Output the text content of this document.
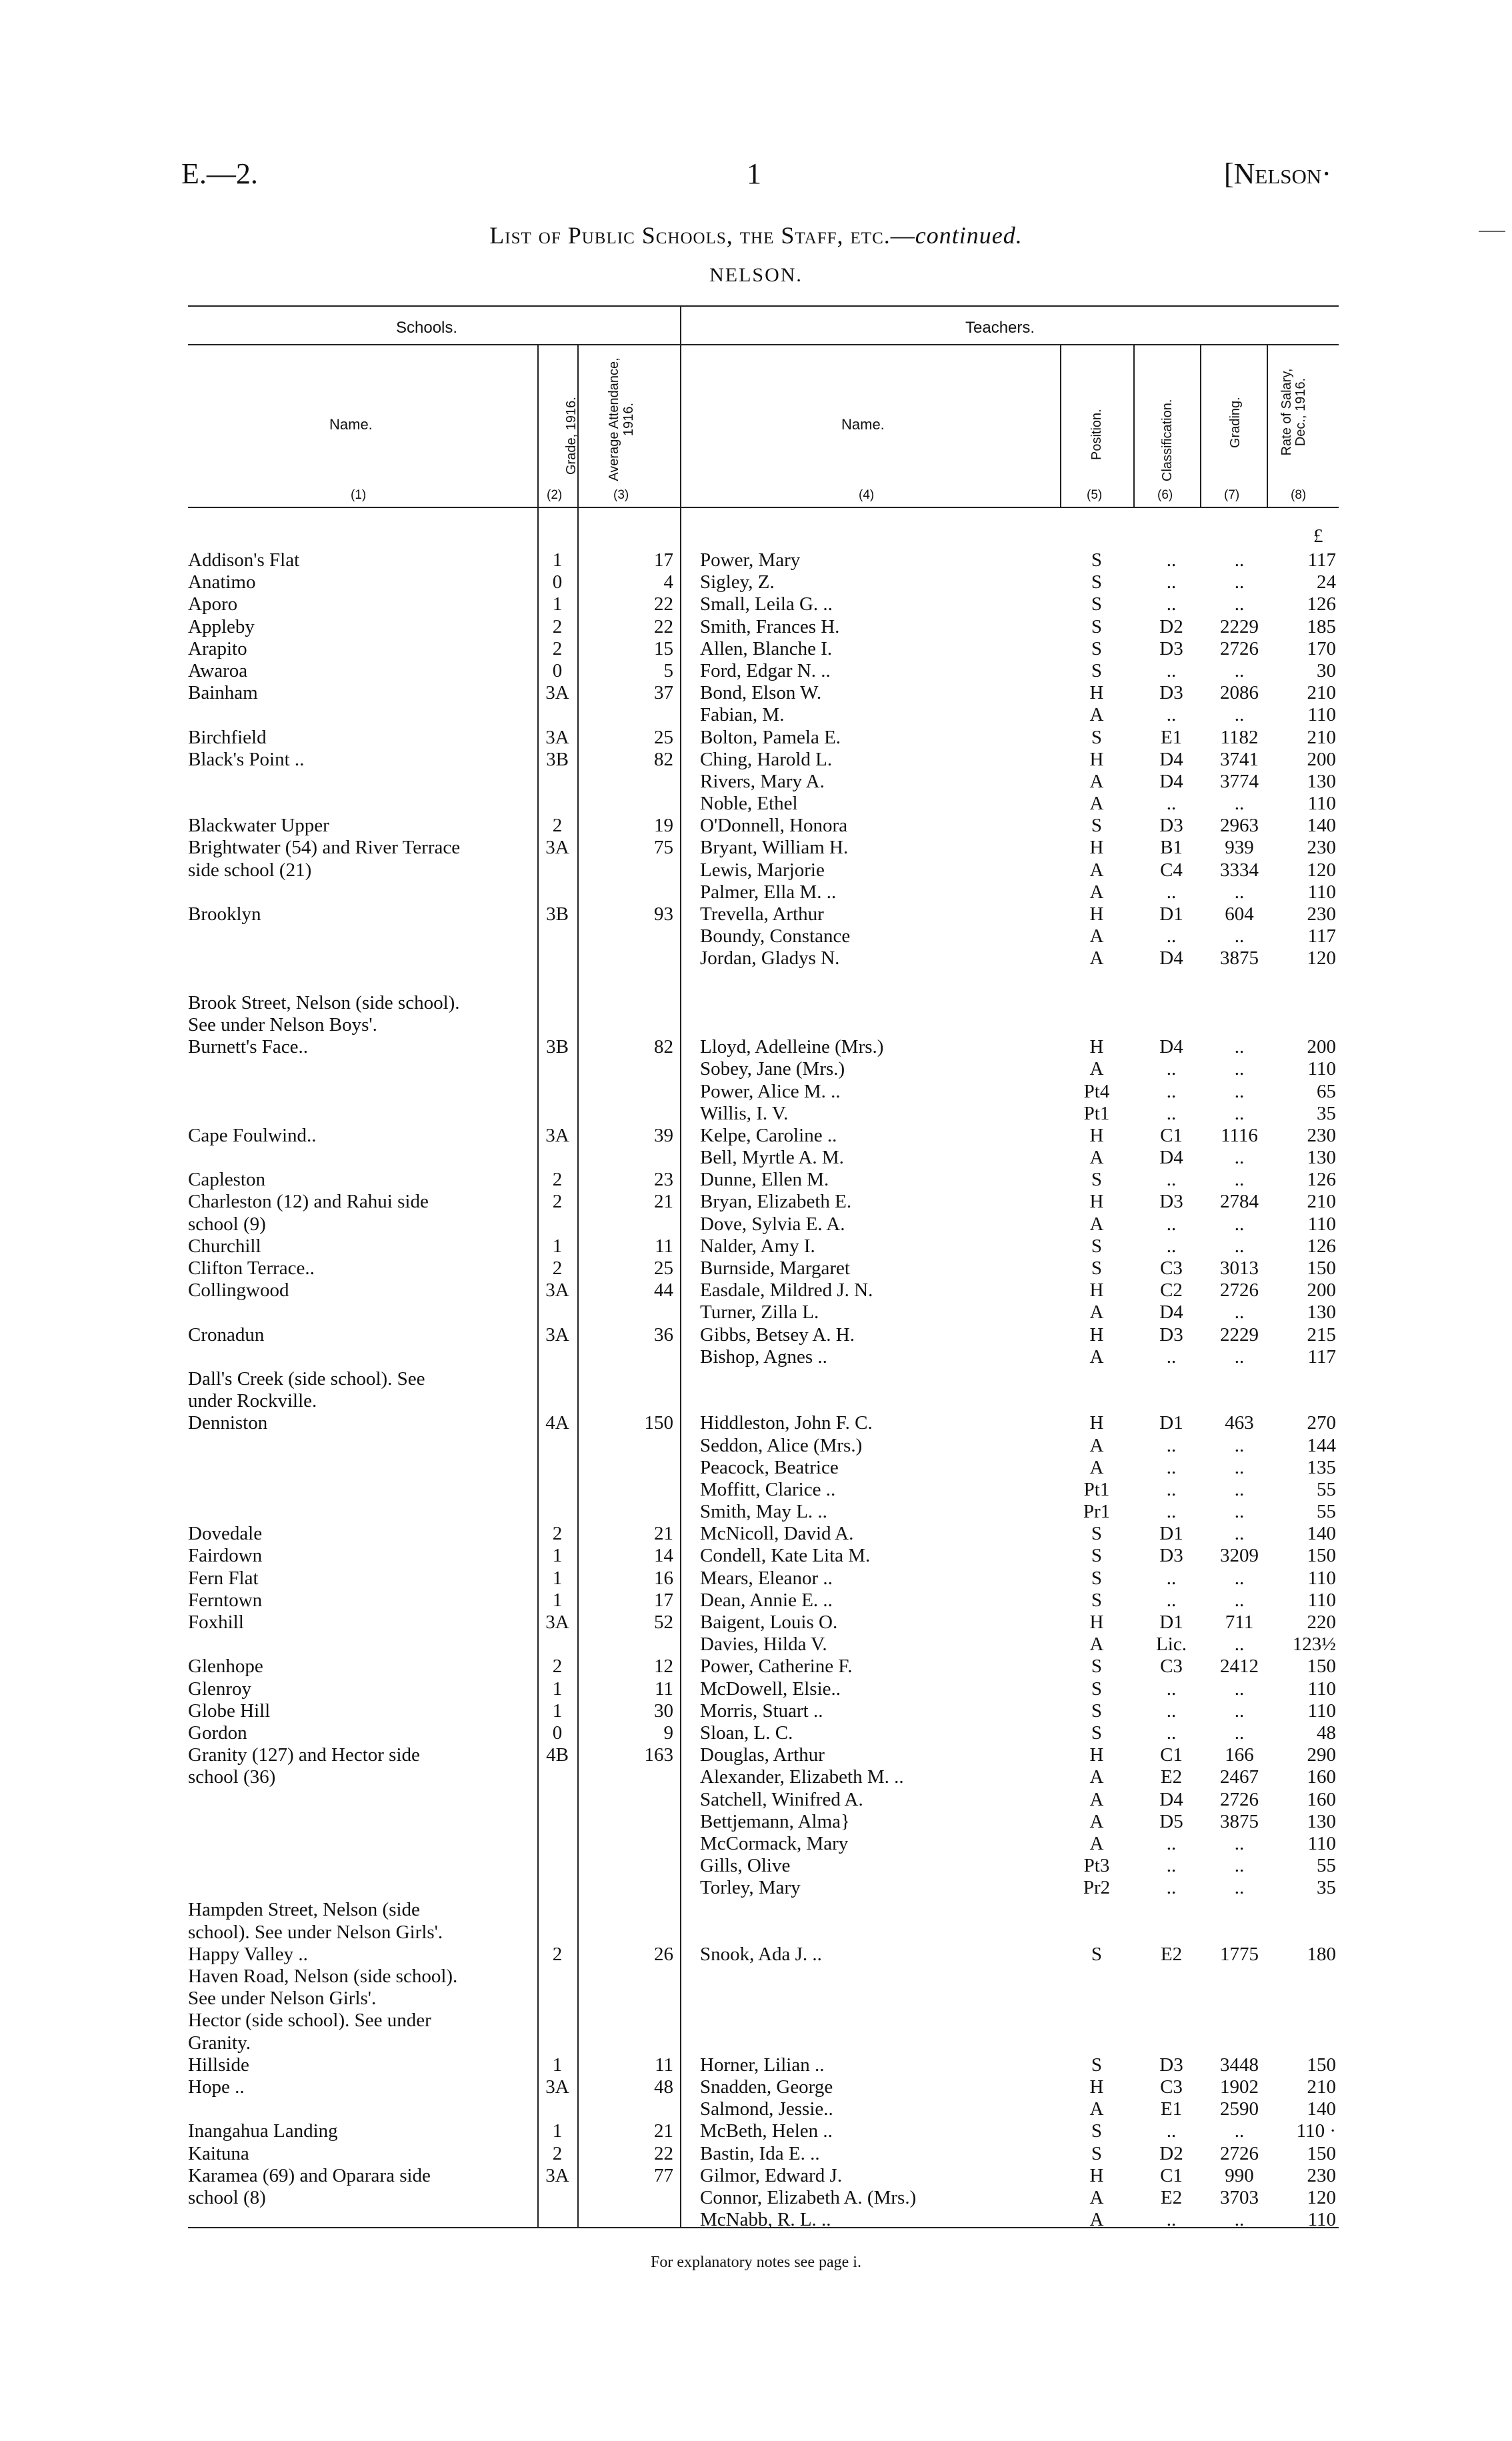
E.—2.	1	[Nelson·
List of Public Schools, the Staff, etc.—continued.
NELSON.
Schools.	Teachers.
Name.	Name.
Grade, 1916. Average Attendance, 1916.	Position.	Classification.	Grading.	Rate of Salary, Dec., 1916.
(1)	(2)	(3)	(4)	(5)	(6)	(7)	(8)
£
Addison's Flat	1	17 Power, Mary	S	..	..	117
Anatimo	0	4 Sigley, Z.	S	..	..	24
Aporo	1	22 Small, Leila G. ..	S	..	..	126
Appleby	2	22 Smith, Frances H.	S	D2	2229	185
Arapito	2	15 Allen, Blanche I.	S	D3	2726	170
Awaroa	0	5 Ford, Edgar N. ..	S	..	..	30
Bainham	3A	37 Bond, Elson W.	H	D3	2086	210
Fabian, M.	A	..	..	110
Birchfield	3A	25 Bolton, Pamela E.	S	E1	1182	210
Black's Point ..	3B	82 Ching, Harold L.	H	D4	3741	200
Rivers, Mary A.	A	D4	3774	130
Noble, Ethel	A	..	..	110
Blackwater Upper	2	19 O'Donnell, Honora	S	D3	2963	140
Brightwater (54) and River Terrace	3A	75 Bryant, William H.	H	B1	939	230
side school (21)	Lewis, Marjorie	A	C4	3334	120
Palmer, Ella M. ..	A	..	..	110
Brooklyn	3B	93 Trevella, Arthur	H	D1	604	230
Boundy, Constance	A	..	..	117
Jordan, Gladys N.	A	D4	3875	120
Brook Street, Nelson (side school).
See under Nelson Boys'.
Burnett's Face..	3B	82 Lloyd, Adelleine (Mrs.)	H	D4	..	200
Sobey, Jane (Mrs.)	A	..	..	110
Power, Alice M. ..	Pt4	..	..	65
Willis, I. V.	Pt1	..	..	35
Cape Foulwind..	3A	39 Kelpe, Caroline ..	H	C1	1116	230
Bell, Myrtle A. M.	A	D4	..	130
Capleston	2	23 Dunne, Ellen M.	S	..	..	126
Charleston (12) and Rahui side	2	21 Bryan, Elizabeth E.	H	D3	2784	210
school (9)	Dove, Sylvia E. A.	A	..	..	110
Churchill	1	11 Nalder, Amy I.	S	..	..	126
Clifton Terrace..	2	25 Burnside, Margaret	S	C3	3013	150
Collingwood	3A	44 Easdale, Mildred J. N.	H	C2	2726	200
Turner, Zilla L.	A	D4	..	130
Cronadun	3A	36 Gibbs, Betsey A. H.	H	D3	2229	215
Bishop, Agnes ..	A	..	..	117
Dall's Creek (side school). See
under Rockville.
Denniston	4A	150 Hiddleston, John F. C.	H	D1	463	270
Seddon, Alice (Mrs.)	A	..	..	144
Peacock, Beatrice	A	..	..	135
Moffitt, Clarice ..	Pt1	..	..	55
Smith, May L. ..	Pr1	..	..	55
Dovedale	2	21 McNicoll, David A.	S	D1	..	140
Fairdown	1	14 Condell, Kate Lita M.	S	D3	3209	150
Fern Flat	1	16 Mears, Eleanor ..	S	..	..	110
Ferntown	1	17 Dean, Annie E. ..	S	..	..	110
Foxhill	3A	52 Baigent, Louis O.	H	D1	711	220
Davies, Hilda V.	A	Lic.	..	123½
Glenhope	2	12 Power, Catherine F.	S	C3	2412	150
Glenroy	1	11 McDowell, Elsie..	S	..	..	110
Globe Hill	1	30 Morris, Stuart ..	S	..	..	110
Gordon	0	9 Sloan, L. C.	S	..	..	48
Granity (127) and Hector side	4B	163 Douglas, Arthur	H	C1	166	290
school (36)	Alexander, Elizabeth M. ..	A	E2	2467	160
Satchell, Winifred A.	A	D4	2726	160
Bettjemann, Alma}	A	D5	3875	130
McCormack, Mary	A	..	..	110
Gills, Olive	Pt3	..	..	55
Torley, Mary	Pr2	..	..	35
Hampden Street, Nelson (side
school). See under Nelson Girls'.
Happy Valley ..	2	26 Snook, Ada J. ..	S	E2	1775	180
Haven Road, Nelson (side school).
See under Nelson Girls'.
Hector (side school). See under
Granity.
Hillside	1	11 Horner, Lilian ..	S	D3	3448	150
Hope ..	3A	48 Snadden, George	H	C3	1902	210
Salmond, Jessie..	A	E1	2590	140
Inangahua Landing	1	21 McBeth, Helen ..	S	..	..	110 ·
Kaituna	2	22 Bastin, Ida E. ..	S	D2	2726	150
Karamea (69) and Oparara side	3A	77 Gilmor, Edward J.	H	C1	990	230
school (8)	Connor, Elizabeth A. (Mrs.)	A	E2	3703	120
McNabb, R. L. ..	A	..	..	110
For explanatory notes see page i.
